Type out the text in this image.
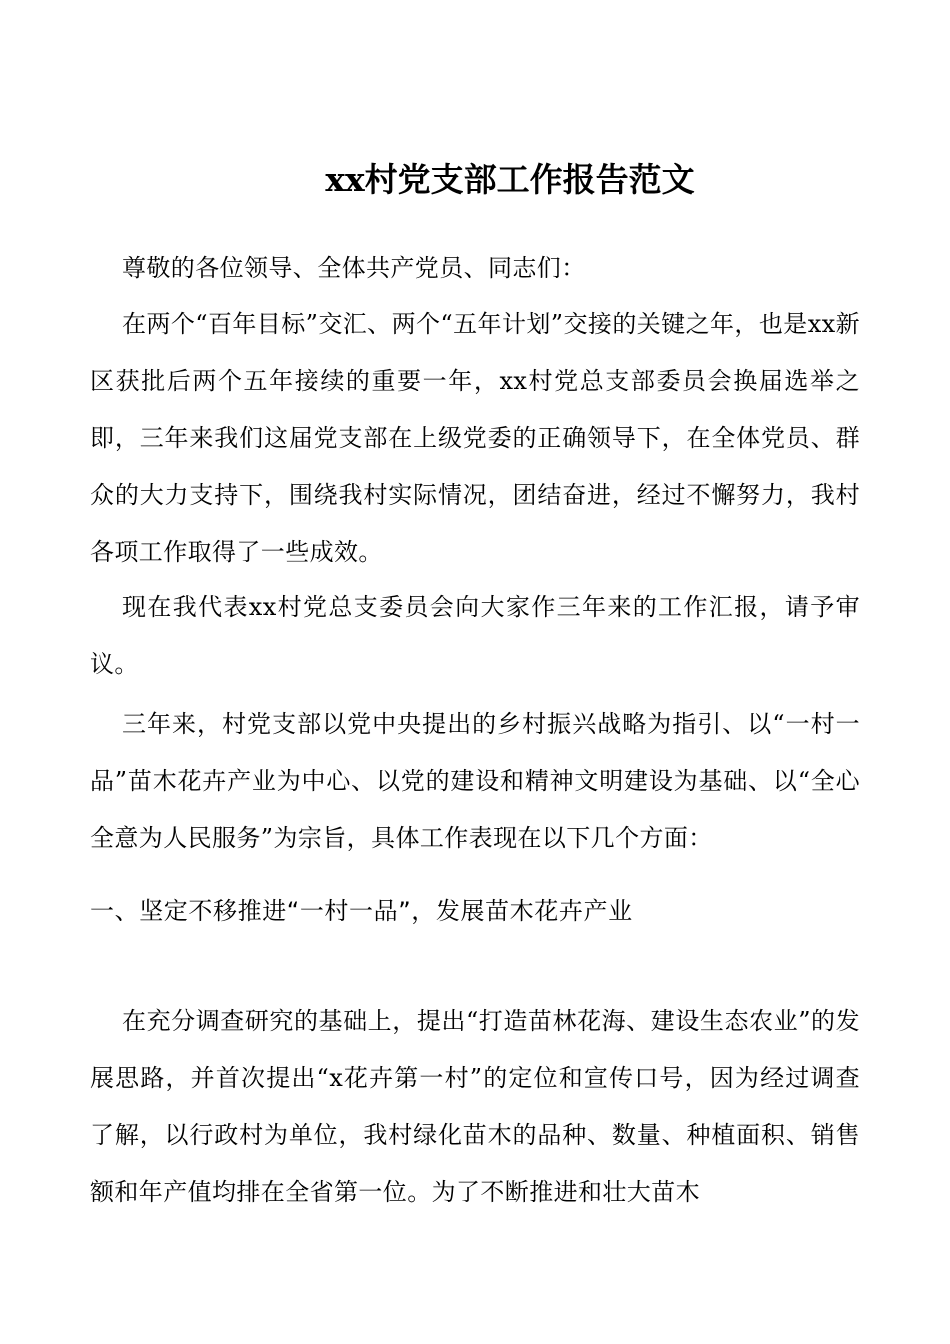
xx村党支部工作报告范文

尊敬的各位领导、全体共产党员、同志们：

在两个“百年目标”交汇、两个“五年计划”交接的关键之年，也是xx新区获批后两个五年接续的重要一年，xx村党总支部委员会换届选举之即，三年来我们这届党支部在上级党委的正确领导下，在全体党员、群众的大力支持下，围绕我村实际情况，团结奋进，经过不懈努力，我村各项工作取得了一些成效。

现在我代表xx村党总支委员会向大家作三年来的工作汇报，请予审议。

三年来，村党支部以党中央提出的乡村振兴战略为指引、以“一村一品”苗木花卉产业为中心、以党的建设和精神文明建设为基础、以“全心全意为人民服务”为宗旨，具体工作表现在以下几个方面：

一、坚定不移推进“一村一品”，发展苗木花卉产业

在充分调查研究的基础上，提出“打造苗林花海、建设生态农业”的发展思路，并首次提出“x花卉第一村”的定位和宣传口号，因为经过调查了解，以行政村为单位，我村绿化苗木的品种、数量、种植面积、销售额和年产值均排在全省第一位。为了不断推进和壮大苗木
